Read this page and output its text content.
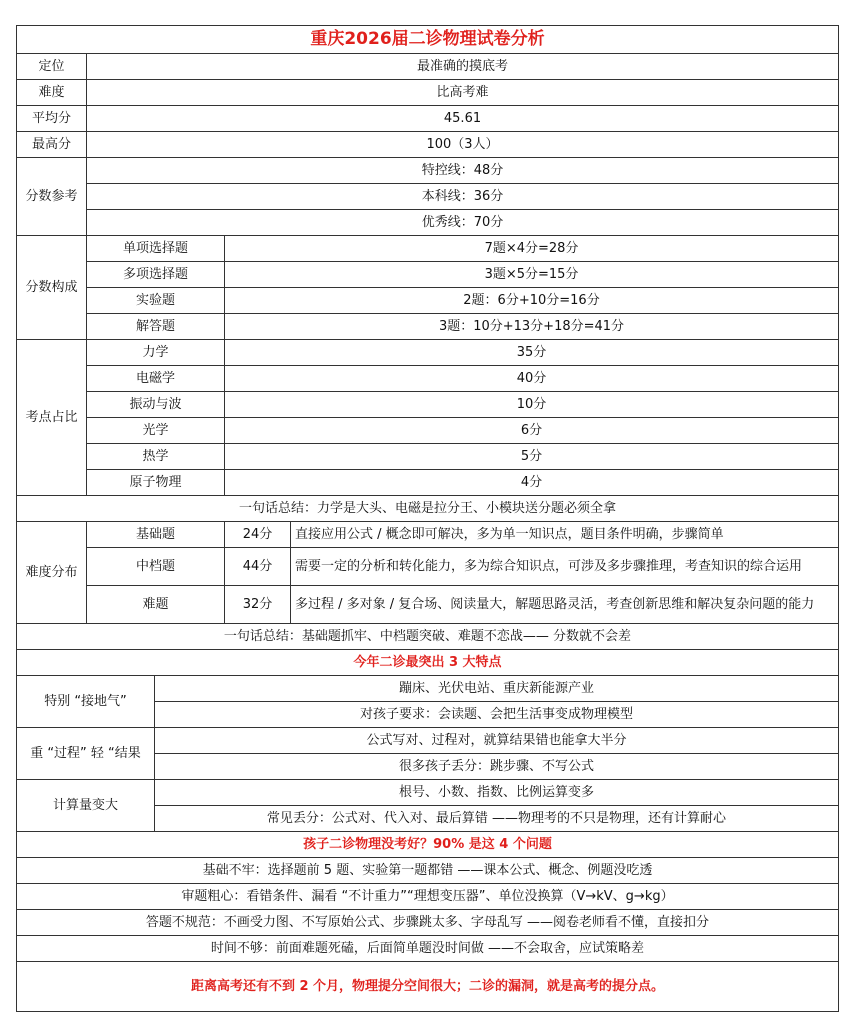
重庆2026届二诊物理试卷分析				
定位	最准确的摸底考			
难度	比高考难			
平均分	45.61			
最高分	100（3人）			
分数参考	特控线：48分			
	本科线：36分			
	优秀线：70分			
分数构成	单项选择题		7题×4分=28分	
	多项选择题		3题×5分=15分	
	实验题		2题：6分+10分=16分	
	解答题		3题：10分+13分+18分=41分	
考点占比	力学		35分	
	电磁学		40分	
	振动与波		10分	
	光学		6分	
	热学		5分	
	原子物理		4分	
一句话总结：力学是大头、电磁是拉分王、小模块送分题必须全拿				
难度分布	基础题		24分	直接应用公式 / 概念即可解决，多为单一知识点，题目条件明确，步骤简单
	中档题		44分	需要一定的分析和转化能力，多为综合知识点，可涉及多步骤推理，考查知识的综合运用
	难题		32分	多过程 / 多对象 / 复合场、阅读量大，解题思路灵活，考查创新思维和解决复杂问题的能力
一句话总结：基础题抓牢、中档题突破、难题不恋战—— 分数就不会差				
今年二诊最突出 3 大特点				
特别 “接地气”		蹦床、光伏电站、重庆新能源产业		
		对孩子要求：会读题、会把生活事变成物理模型		
重 “过程” 轻 “结果		公式写对、过程对，就算结果错也能拿大半分		
		很多孩子丢分：跳步骤、不写公式		
计算量变大		根号、小数、指数、比例运算变多		
		常见丢分：公式对、代入对、最后算错 ——物理考的不只是物理，还有计算耐心		
孩子二诊物理没考好？90% 是这 4 个问题				
基础不牢：选择题前 5 题、实验第一题都错 ——课本公式、概念、例题没吃透				
审题粗心：看错条件、漏看 “不计重力”“理想变压器”、单位没换算（V→kV、g→kg）				
答题不规范：不画受力图、不写原始公式、步骤跳太多、字母乱写 ——阅卷老师看不懂，直接扣分				
时间不够：前面难题死磕，后面简单题没时间做 ——不会取舍，应试策略差				
距离高考还有不到 2 个月，物理提分空间很大；二诊的漏洞，就是高考的提分点。				
